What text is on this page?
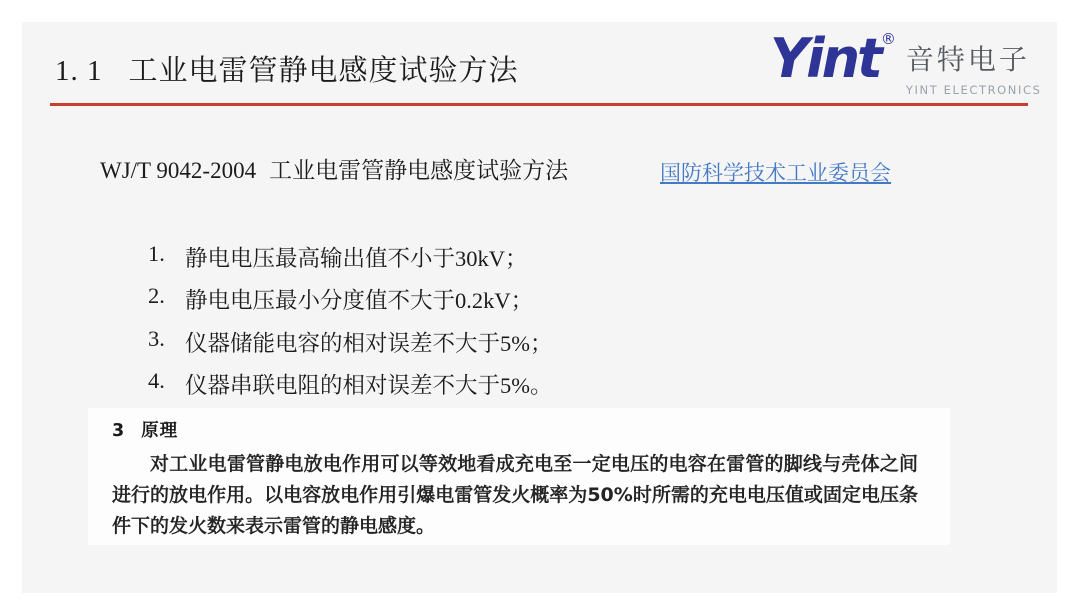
1. 1 工业电雷管静电感度试验方法	Yint ®
音特电子
YINT ELECTRONICS
WJ/T 9042-2004 工业电雷管静电感度试验方法	国防科学技术工业委员会
1. 静电电压最高输出值不小于30kV；
2. 静电电压最小分度值不大于0.2kV；
3. 仪器储能电容的相对误差不大于5%；
4. 仪器串联电阻的相对误差不大于5%。
3 原理

对工业电雷管静电放电作用可以等效地看成充电至一定电压的电容在雷管的脚线与壳体之间进行的放电作用。以电容放电作用引爆电雷管发火概率为50%时所需的充电电压值或固定电压条件下的发火数来表示雷管的静电感度。
